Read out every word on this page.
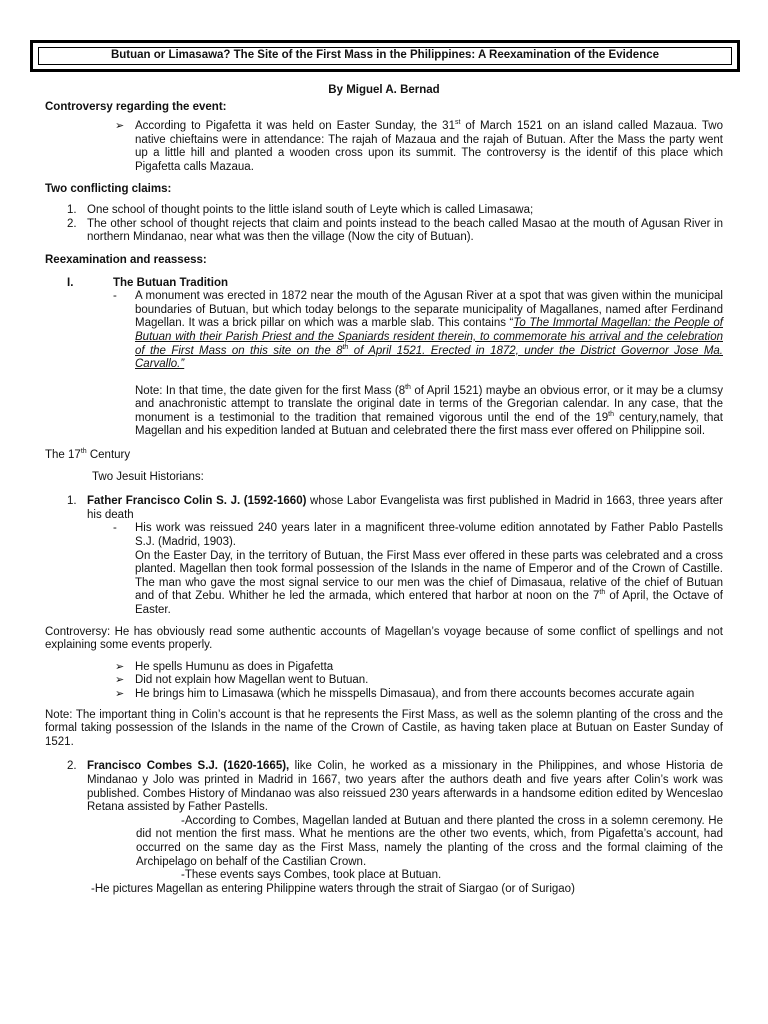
Butuan or Limasawa? The Site of the First Mass in the Philippines: A Reexamination of the Evidence
By Miguel A. Bernad
Controversy regarding the event:
➢ According to Pigafetta it was held on Easter Sunday, the 31st of March 1521 on an island called Mazaua. Two native chieftains were in attendance: The rajah of Mazaua and the rajah of Butuan. After the Mass the party went up a little hill and planted a wooden cross upon its summit. The controversy is the identif of this place which Pigafetta calls Mazaua.
Two conflicting claims:
1. One school of thought points to the little island south of Leyte which is called Limasawa;
2. The other school of thought rejects that claim and points instead to the beach called Masao at the mouth of Agusan River in northern Mindanao, near what was then the village (Now the city of Butuan).
Reexamination and reassess:
I.	The Butuan Tradition
-	A monument was erected in 1872 near the mouth of the Agusan River at a spot that was given within the municipal boundaries of Butuan, but which today belongs to the separate municipality of Magallanes, named after Ferdinand Magellan. It was a brick pillar on which was a marble slab. This contains “To The Immortal Magellan: the People of Butuan with their Parish Priest and the Spaniards resident therein, to commemorate his arrival and the celebration of the First Mass on this site on the 8th of April 1521. Erected in 1872, under the District Governor Jose Ma. Carvallo.”
Note: In that time, the date given for the first Mass (8th of April 1521) maybe an obvious error, or it may be a clumsy and anachronistic attempt to translate the original date in terms of the Gregorian calendar. In any case, that the monument is a testimonial to the tradition that remained vigorous until the end of the 19th century,namely, that Magellan and his expedition landed at Butuan and celebrated there the first mass ever offered on Philippine soil.
The 17th Century
Two Jesuit Historians:
1. Father Francisco Colin S. J. (1592-1660) whose Labor Evangelista was first published in Madrid in 1663, three years after his death
-	His work was reissued 240 years later in a magnificent three-volume edition annotated by Father Pablo Pastells S.J. (Madrid, 1903).
On the Easter Day, in the territory of Butuan, the First Mass ever offered in these parts was celebrated and a cross planted. Magellan then took formal possession of the Islands in the name of Emperor and of the Crown of Castille. The man who gave the most signal service to our men was the chief of Dimasaua, relative of the chief of Butuan and of that Zebu. Whither he led the armada, which entered that harbor at noon on the 7th of April, the Octave of Easter.
Controversy: He has obviously read some authentic accounts of Magellan’s voyage because of some conflict of spellings and not explaining some events properly.
➢ He spells Humunu as does in Pigafetta
➢ Did not explain how Magellan went to Butuan.
➢ He brings him to Limasawa (which he misspells Dimasaua), and from there accounts becomes accurate again
Note: The important thing in Colin’s account is that he represents the First Mass, as well as the solemn planting of the cross and the formal taking possession of the Islands in the name of the Crown of Castile, as having taken place at Butuan on Easter Sunday of 1521.
2. Francisco Combes S.J. (1620-1665), like Colin, he worked as a missionary in the Philippines, and whose Historia de Mindanao y Jolo was printed in Madrid in 1667, two years after the authors death and five years after Colin’s work was published. Combes History of Mindanao was also reissued 230 years afterwards in a handsome edition edited by Wenceslao Retana assisted by Father Pastells.
-According to Combes, Magellan landed at Butuan and there planted the cross in a solemn ceremony. He did not mention the first mass. What he mentions are the other two events, which, from Pigafetta’s account, had occurred on the same day as the First Mass, namely the planting of the cross and the formal claiming of the Archipelago on behalf of the Castilian Crown.
-These events says Combes, took place at Butuan.
-He pictures Magellan as entering Philippine waters through the strait of Siargao (or of Surigao)
